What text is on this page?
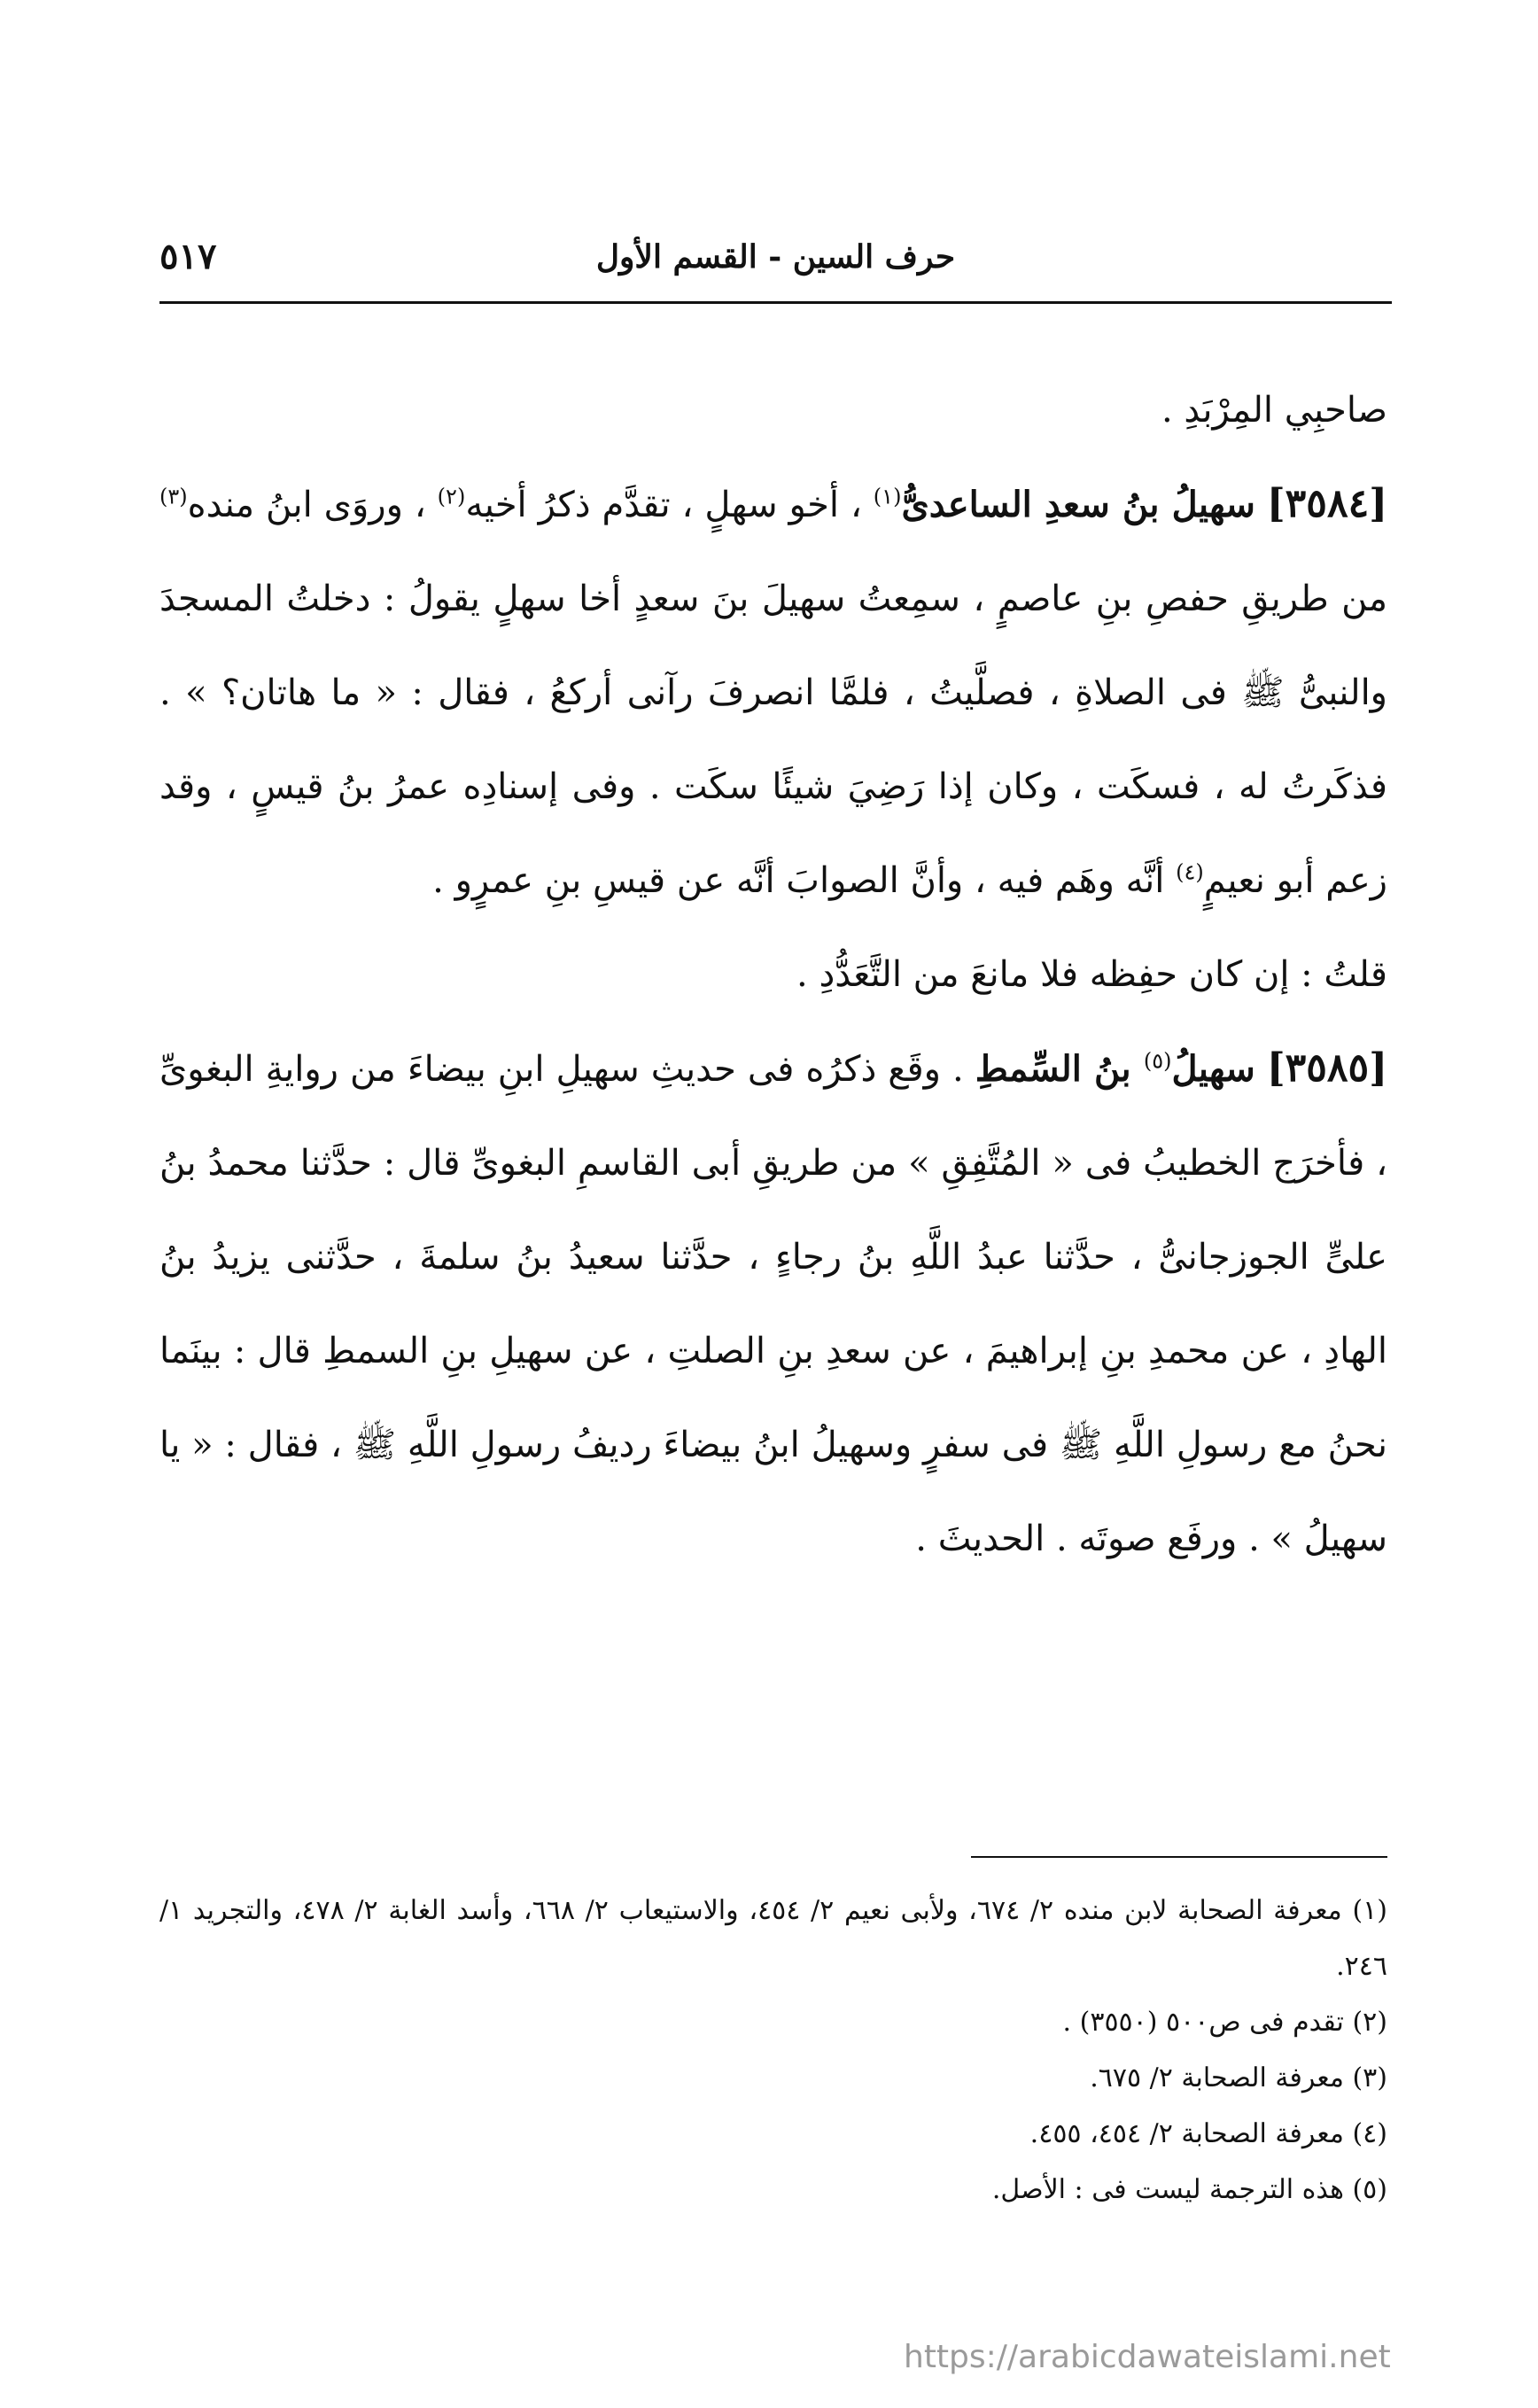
حرف السين - القسم الأول
٥١٧

صاحبِي المِرْبَدِ .

[٣٥٨٤] سهيلُ بنُ سعدِ الساعدىُّ$^{(١)}$ ، أخو سهلٍ ، تقدَّم ذكرُ أخيه$^{(٢)}$ ، وروَى ابنُ منده$^{(٣)}$ من طريقِ حفصِ بنِ عاصمٍ ، سمِعتُ سهيلَ بنَ سعدٍ أخا سهلٍ يقولُ : دخلتُ المسجدَ والنبىُّ ﷺ فى الصلاةِ ، فصلَّيتُ ، فلمَّا انصرفَ رآنى أركعُ ، فقال : « ما هاتان؟ » . فذكَرتُ له ، فسكَت ، وكان إذا رَضِيَ شيئًا سكَت . وفى إسنادِه عمرُ بنُ قيسٍ ، وقد زعم أبو نعيمٍ$^{(٤)}$ أنَّه وهَم فيه ، وأنَّ الصوابَ أنَّه عن قيسِ بنِ عمرٍو .

قلتُ : إن كان حفِظه فلا مانعَ من التَّعَدُّدِ .

[٣٥٨٥] سهيلُ$^{(٥)}$ بنُ السِّمطِ . وقَع ذكرُه فى حديثِ سهيلِ ابنِ بيضاءَ من روايةِ البغوىِّ ، فأخرَج الخطيبُ فى « المُتَّفِقِ » من طريقِ أبى القاسمِ البغوىِّ قال : حدَّثنا محمدُ بنُ علىٍّ الجوزجانىُّ ، حدَّثنا عبدُ اللَّهِ بنُ رجاءٍ ، حدَّثنا سعيدُ بنُ سلمةَ ، حدَّثنى يزيدُ بنُ الهادِ ، عن محمدِ بنِ إبراهيمَ ، عن سعدِ بنِ الصلتِ ، عن سهيلِ بنِ السمطِ قال : بينَما نحنُ مع رسولِ اللَّهِ ﷺ فى سفرٍ وسهيلُ ابنُ بيضاءَ رديفُ رسولِ اللَّهِ ﷺ ، فقال : « يا سهيلُ » . ورفَع صوتَه . الحديثَ .

(١) معرفة الصحابة لابن منده ٢/ ٦٧٤، ولأبى نعيم ٢/ ٤٥٤، والاستيعاب ٢/ ٦٦٨، وأسد الغابة ٢/ ٤٧٨، والتجريد ١/ ٢٤٦.

(٢) تقدم فى ص٥٠٠ (٣٥٥٠) .

(٣) معرفة الصحابة ٢/ ٦٧٥.

(٤) معرفة الصحابة ٢/ ٤٥٤، ٤٥٥.

(٥) هذه الترجمة ليست فى : الأصل.

https://arabicdawateislami.net
